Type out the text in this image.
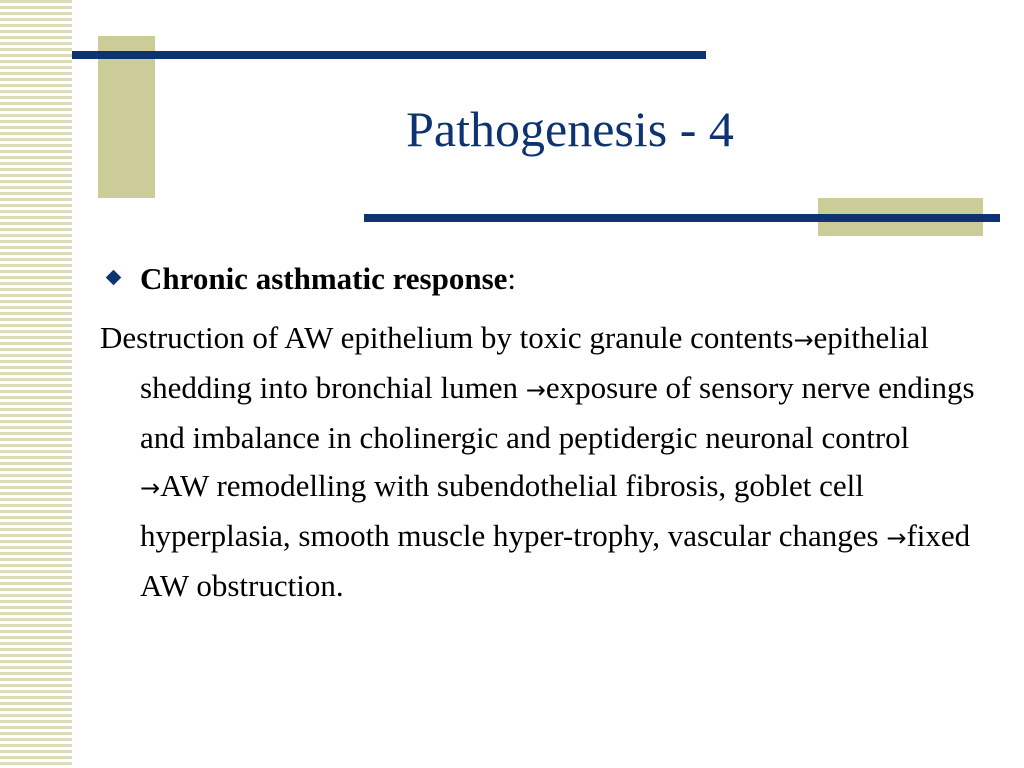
Pathogenesis - 4
Chronic asthmatic response:
Destruction of AW epithelium by toxic granule contents→epithelial shedding into bronchial lumen →exposure of sensory nerve endings and imbalance in cholinergic and peptidergic neuronal control →AW remodelling with subendothelial fibrosis, goblet cell hyperplasia, smooth muscle hyper-trophy, vascular changes →fixed AW obstruction.
